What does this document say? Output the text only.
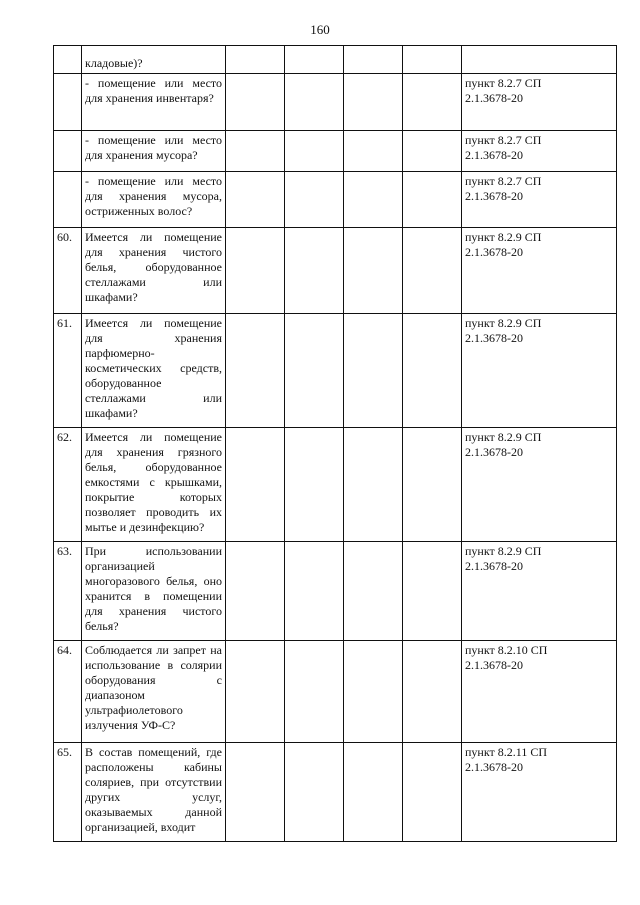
160
	кладовые)?					

	- помещение или место для хранения инвентаря?					пункт 8.2.7 СП
2.1.3678-20

	- помещение или место для хранения мусора?					пункт 8.2.7 СП
2.1.3678-20

	- помещение или место для хранения мусора, остриженных волос?					пункт 8.2.7 СП
2.1.3678-20

60.	Имеется ли помещение для хранения чистого белья, оборудованное стеллажами или шкафами?					пункт 8.2.9 СП
2.1.3678-20

61.	Имеется ли помещение для хранения парфюмерно-косметических средств, оборудованное стеллажами или шкафами?					пункт 8.2.9 СП
2.1.3678-20

62.	Имеется ли помещение для хранения грязного белья, оборудованное емкостями с крышками, покрытие которых позволяет проводить их мытье и дезинфекцию?					пункт 8.2.9 СП
2.1.3678-20

63.	При использовании организацией многоразового белья, оно хранится в помещении для хранения чистого белья?					пункт 8.2.9 СП
2.1.3678-20

64.	Соблюдается ли запрет на использование в солярии оборудования с диапазоном ультрафиолетового излучения УФ-С?					пункт 8.2.10 СП
2.1.3678-20

65.	В состав помещений, где расположены кабины соляриев, при отсутствии других услуг, оказываемых данной организацией, входит					пункт 8.2.11 СП
2.1.3678-20
